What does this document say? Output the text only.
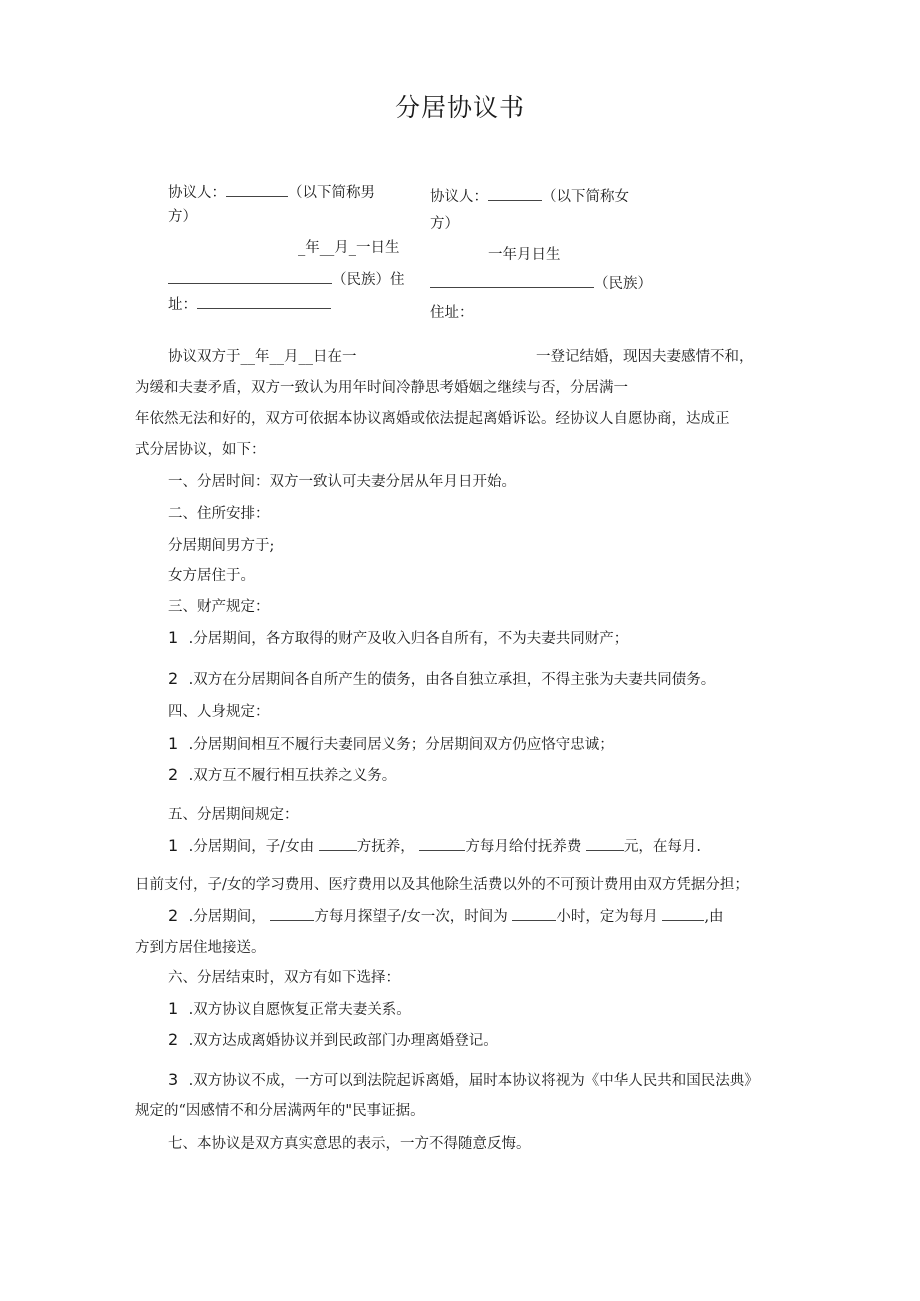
分居协议书
协议人：	（以下简称男
方）
_年__月_一日生
（民族）住
址：
协议人：	（以下简称女
方）
一年月日生
（民族）
住址：
协议双方于__年__月__日在一	一登记结婚，现因夫妻感情不和，
为缓和夫妻矛盾，双方一致认为用年时间冷静思考婚姻之继续与否，分居满一
年依然无法和好的，双方可依据本协议离婚或依法提起离婚诉讼。经协议人自愿协商，达成正
式分居协议，如下：
一、分居时间：双方一致认可夫妻分居从年月日开始。
二、住所安排：
分居期间男方于;
女方居住于。
三、财产规定：
1 .分居期间，各方取得的财产及收入归各自所有，不为夫妻共同财产；
2 .双方在分居期间各自所产生的债务，由各自独立承担，不得主张为夫妻共同债务。
四、人身规定：
1 .分居期间相互不履行夫妻同居义务；分居期间双方仍应恪守忠诚；
2 .双方互不履行相互扶养之义务。
五、分居期间规定：
1 .分居期间，子/女由	方抚养，	方每月给付抚养费	元，在每月.
日前支付，子/女的学习费用、医疗费用以及其他除生活费以外的不可预计费用由双方凭据分担；
2 .分居期间，	方每月探望子/女一次，时间为	小时，定为每月	,由
方到方居住地接送。
六、分居结束时，双方有如下选择：
1 .双方协议自愿恢复正常夫妻关系。
2 .双方达成离婚协议并到民政部门办理离婚登记。
3 .双方协议不成，一方可以到法院起诉离婚，届时本协议将视为《中华人民共和国民法典》
规定的“因感情不和分居满两年的"民事证据。
七、本协议是双方真实意思的表示，一方不得随意反悔。
